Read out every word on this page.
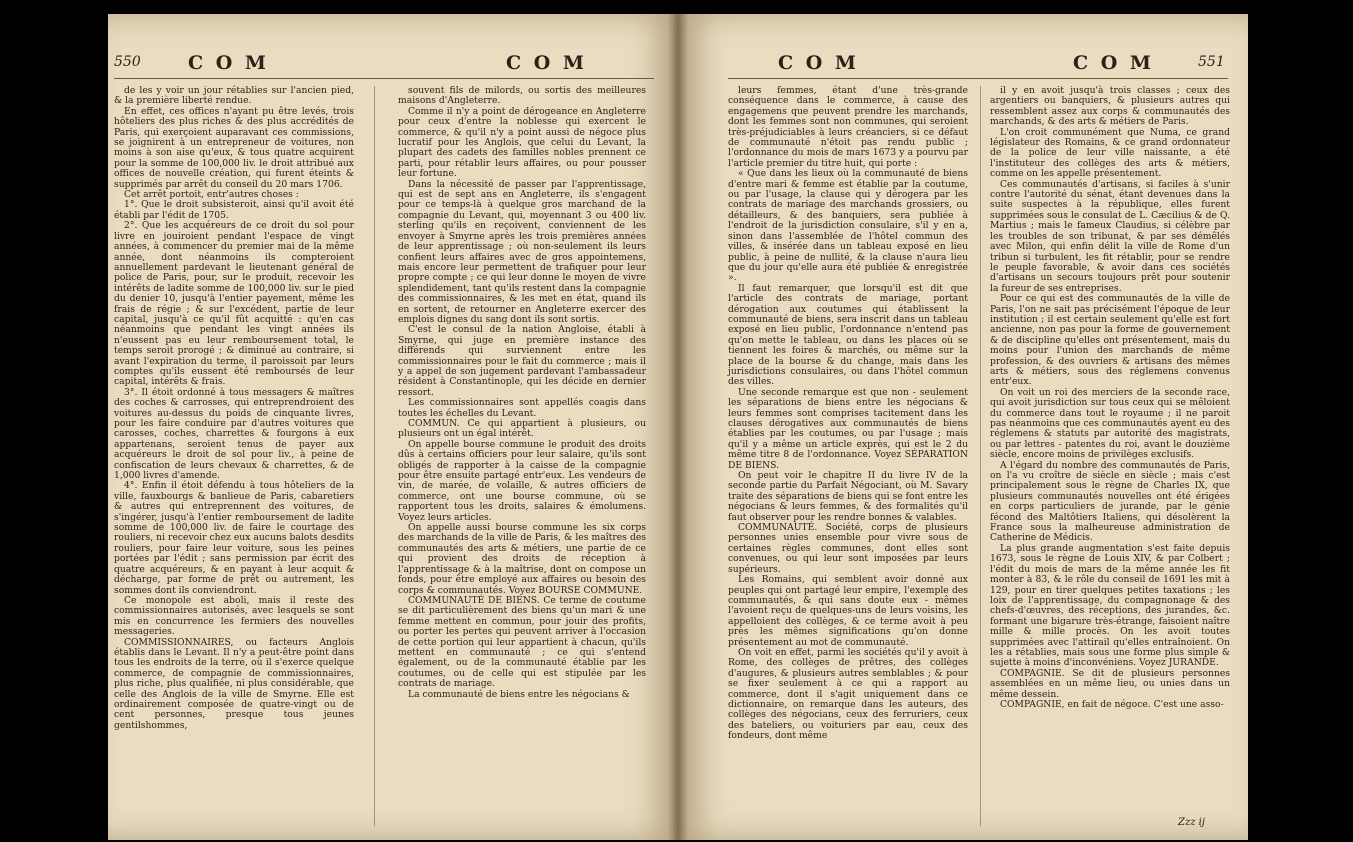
550 C O M	C O M

de les y voir un jour rétablies sur l'ancien pied, & la première liberté rendue.

En effet, ces offices n'ayant pu être levés, trois hôteliers des plus riches & des plus accrédités de Paris, qui exerçoient auparavant ces commissions, se joignirent à un entrepreneur de voitures, non moins à son aise qu'eux, & tous quatre acquirent pour la somme de 100,000 liv. le droit attribué aux offices de nouvelle création, qui furent éteints & supprimés par arrêt du conseil du 20 mars 1706.

Cet arrêt portoit, entr'autres choses :

1°. Que le droit subsisteroit, ainsi qu'il avoit été établi par l'édit de 1705.

2°. Que les acquéreurs de ce droit du sol pour livre en jouiroient pendant l'espace de vingt années, à commencer du premier mai de la même année, dont néanmoins ils compteroient annuellement pardevant le lieutenant général de police de Paris, pour, sur le produit, recevoir les intérêts de ladite somme de 100,000 liv. sur le pied du denier 10, jusqu'à l'entier payement, même les frais de régie ; & sur l'excédent, partie de leur capital, jusqu'à ce qu'il fût acquitté : qu'en cas néanmoins que pendant les vingt années ils n'eussent pas eu leur remboursement total, le temps seroit prorogé ; & diminué au contraire, si avant l'expiration du terme, il paroissoit par leurs comptes qu'ils eussent été remboursés de leur capital, intérêts & frais.

3°. Il étoit ordonné à tous messagers & maîtres des coches & carrosses, qui entreprendroient des voitures au-dessus du poids de cinquante livres, pour les faire conduire par d'autres voitures que carosses, coches, charrettes & fourgons à eux appartenans, seroient tenus de payer aux acquéreurs le droit de sol pour liv., à peine de confiscation de leurs chevaux & charrettes, & de 1,000 livres d'amende.

4°. Enfin il étoit défendu à tous hôteliers de la ville, fauxbourgs & banlieue de Paris, cabaretiers & autres qui entreprennent des voitures, de s'ingérer, jusqu'à l'entier remboursement de ladite somme de 100,000 liv. de faire le courtage des rouliers, ni recevoir chez eux aucuns balots desdits rouliers, pour faire leur voiture, sous les peines portées par l'édit ; sans permission par écrit des quatre acquéreurs, & en payant à leur acquit & décharge, par forme de prêt ou autrement, les sommes dont ils conviendront.

Ce monopole est aboli, mais il reste des commissionnaires autorisés, avec lesquels se sont mis en concurrence les fermiers des nouvelles messageries.

COMMISSIONNAIRES, ou facteurs Anglois établis dans le Levant. Il n'y a peut-être point dans tous les endroits de la terre, où il s'exerce quelque commerce, de compagnie de commissionnaires, plus riche, plus qualifiée, ni plus considérable, que celle des Anglois de la ville de Smyrne. Elle est ordinairement composée de quatre-vingt ou de cent personnes, presque tous jeunes gentilshommes,

souvent fils de milords, ou sortis des meilleures maisons d'Angleterre.

Comme il n'y a point de dérogeance en Angleterre pour ceux d'entre la noblesse qui exercent le commerce, & qu'il n'y a point aussi de négoce plus lucratif pour les Anglois, que celui du Levant, la plupart des cadets des familles nobles prennent ce parti, pour rétablir leurs affaires, ou pour pousser leur fortune.

Dans la nécessité de passer par l'apprentissage, qui est de sept ans en Angleterre, ils s'engagent pour ce temps-là à quelque gros marchand de la compagnie du Levant, qui, moyennant 3 ou 400 liv. sterling qu'ils en reçoivent, conviennent de les envoyer à Smyrne après les trois premières années de leur apprentissage ; où non-seulement ils leurs confient leurs affaires avec de gros appointemens, mais encore leur permettent de trafiquer pour leur propre compte ; ce qui leur donne le moyen de vivre splendidement, tant qu'ils restent dans la compagnie des commissionnaires, & les met en état, quand ils en sortent, de retourner en Angleterre exercer des emplois dignes du sang dont ils sont sortis.

C'est le consul de la nation Angloise, établi à Smyrne, qui juge en première instance des différends qui surviennent entre les commissionnaires pour le fait du commerce ; mais il y a appel de son jugement pardevant l'ambassadeur résident à Constantinople, qui les décide en dernier ressort.

Les commissionnaires sont appellés coagis dans toutes les échelles du Levant.

COMMUN. Ce qui appartient à plusieurs, ou plusieurs ont un égal intérêt.

On appelle bourse commune le produit des droits dûs à certains officiers pour leur salaire, qu'ils sont obligés de rapporter à la caisse de la compagnie pour être ensuite partagé entr'eux. Les vendeurs de vin, de marée, de volaille, & autres officiers de commerce, ont une bourse commune, où se rapportent tous les droits, salaires & émolumens. Voyez leurs articles.

On appelle aussi bourse commune les six corps des marchands de la ville de Paris, & les maîtres des communautés des arts & métiers, une partie de ce qui provient des droits de réception à l'apprentissage & à la maîtrise, dont on compose un fonds, pour être employé aux affaires ou besoin des corps & communautés. Voyez BOURSE COMMUNE.

COMMUNAUTÉ DE BIENS. Ce terme de coutume se dit particulièrement des biens qu'un mari & une femme mettent en commun, pour jouir des profits, ou porter les pertes qui peuvent arriver à l'occasion de cette portion qui leur appartient à chacun, qu'ils mettent en communauté ; ce qui s'entend également, ou de la communauté établie par les coutumes, ou de celle qui est stipulée par les contrats de mariage.

La communauté de biens entre les négocians &

C O M	C O M	551

leurs femmes, étant d'une très-grande conséquence dans le commerce, à cause des engagemens que peuvent prendre les marchands, dont les femmes sont non communes, qui seroient très-préjudiciables à leurs créanciers, si ce défaut de communauté n'étoit pas rendu public ; l'ordonnance du mois de mars 1673 y a pourvu par l'article premier du titre huit, qui porte :

« Que dans les lieux où la communauté de biens d'entre mari & femme est établie par la coutume, ou par l'usage, la clause qui y dérogera par les contrats de mariage des marchands grossiers, ou détailleurs, & des banquiers, sera publiée à l'endroit de la jurisdiction consulaire, s'il y en a, sinon dans l'assemblée de l'hôtel commun des villes, & insérée dans un tableau exposé en lieu public, à peine de nullité, & la clause n'aura lieu que du jour qu'elle aura été publiée & enregistrée ».

Il faut remarquer, que lorsqu'il est dit que l'article des contrats de mariage, portant dérogation aux coutumes qui établissent la communauté de biens, sera inscrit dans un tableau exposé en lieu public, l'ordonnance n'entend pas qu'on mette le tableau, ou dans les places où se tiennent les foires & marchés, ou même sur la place de la bourse & du change, mais dans les jurisdictions consulaires, ou dans l'hôtel commun des villes.

Une seconde remarque est que non - seulement les séparations de biens entre les négocians & leurs femmes sont comprises tacitement dans les clauses dérogatives aux communautés de biens établies par les coutumes, ou par l'usage ; mais qu'il y a même un article exprès, qui est le 2 du même titre 8 de l'ordonnance. Voyez SÉPARATION DE BIENS.

On peut voir le chapitre II du livre IV de la seconde partie du Parfait Négociant, où M. Savary traite des séparations de biens qui se font entre les négocians & leurs femmes, & des formalités qu'il faut observer pour les rendre bonnes & valables.

COMMUNAUTÉ. Société, corps de plusieurs personnes unies ensemble pour vivre sous de certaines règles communes, dont elles sont convenues, ou qui leur sont imposées par leurs supérieurs.

Les Romains, qui semblent avoir donné aux peuples qui ont partagé leur empire, l'exemple des communautés, & qui sans doute eux - mêmes l'avoient reçu de quelques-uns de leurs voisins, les appelloient des collèges, & ce terme avoit à peu près les mêmes significations qu'on donne présentement au mot de communauté.

On voit en effet, parmi les sociétés qu'il y avoit à Rome, des collèges de prêtres, des collèges d'augures, & plusieurs autres semblables ; & pour se fixer seulement à ce qui a rapport au commerce, dont il s'agit uniquement dans ce dictionnaire, on remarque dans les auteurs, des collèges des négocians, ceux des ferruriers, ceux des bateliers, ou voituriers par eau, ceux des fondeurs, dont même

il y en avoit jusqu'à trois classes ; ceux des argentiers ou banquiers, & plusieurs autres qui ressemblent assez aux corps & communautés des marchands, & des arts & métiers de Paris.

L'on croit communément que Numa, ce grand législateur des Romains, & ce grand ordonnateur de la police de leur ville naissante, a été l'instituteur des collèges des arts & métiers, comme on les appelle présentement.

Ces communautés d'artisans, si faciles à s'unir contre l'autorité du sénat, étant devenues dans la suite suspectes à la république, elles furent supprimées sous le consulat de L. Cæcilius & de Q. Martius ; mais le fameux Claudius, si célèbre par les troubles de son tribunat, & par ses démêlés avec Milon, qui enfin délit la ville de Rome d'un tribun si turbulent, les fit rétablir, pour se rendre le peuple favorable, & avoir dans ces sociétés d'artisans un secours toujours prêt pour soutenir la fureur de ses entreprises.

Pour ce qui est des communautés de la ville de Paris, l'on ne sait pas précisément l'époque de leur institution ; il est certain seulement qu'elle est fort ancienne, non pas pour la forme de gouvernement & de discipline qu'elles ont présentement, mais du moins pour l'union des marchands de même profession, & des ouvriers & artisans des mêmes arts & métiers, sous des réglemens convenus entr'eux.

On voit un roi des merciers de la seconde race, qui avoit jurisdiction sur tous ceux qui se mêloient du commerce dans tout le royaume ; il ne paroit pas néanmoins que ces communautés ayent eu des réglemens & statuts par autorité des magistrats, ou par lettres - patentes du roi, avant le douzième siècle, encore moins de privilèges exclusifs.

A l'égard du nombre des communautés de Paris, on l'a vu croître de siècle en siècle ; mais c'est principalement sous le règne de Charles IX, que plusieurs communautés nouvelles ont été érigées en corps particuliers de jurande, par le génie fécond des Maltôtiers Italiens, qui désolèrent la France sous la malheureuse administration de Catherine de Médicis.

La plus grande augmentation s'est faite depuis 1673, sous le règne de Louis XIV, & par Colbert ; l'édit du mois de mars de la même année les fit monter à 83, & le rôle du conseil de 1691 les mit à 129, pour en tirer quelques petites taxations ; les loix de l'apprentissage, du compagnonage & des chefs-d'œuvres, des réceptions, des jurandes, &c. formant une bigarure très-étrange, faisoient naître mille & mille procès. On les avoit toutes supprimées avec l'attirail qu'elles entraînoient. On les a rétablies, mais sous une forme plus simple & sujette à moins d'inconvéniens. Voyez JURANDE.

COMPAGNIE. Se dit de plusieurs personnes assemblées en un même lieu, ou unies dans un même dessein.

COMPAGNIE, en fait de négoce. C'est une asso-

Zzz ij
